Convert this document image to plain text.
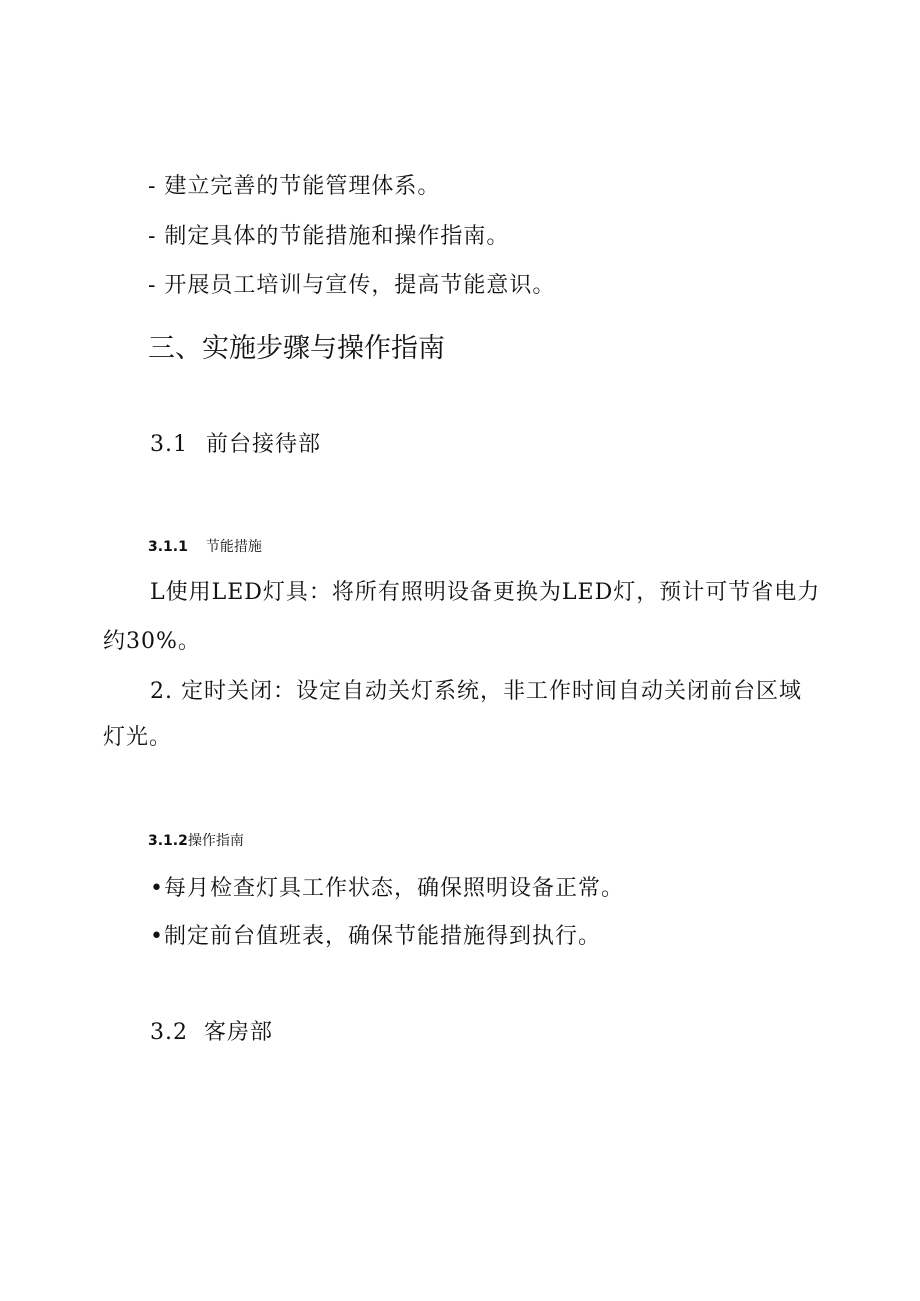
- 建立完善的节能管理体系。
- 制定具体的节能措施和操作指南。
- 开展员工培训与宣传，提高节能意识。
三、实施步骤与操作指南
3.1 前台接待部
3.1.1 节能措施
L使用LED灯具：将所有照明设备更换为LED灯，预计可节省电力
约30%。
2. 定时关闭：设定自动关灯系统，非工作时间自动关闭前台区域
灯光。
3.1.2操作指南
•每月检查灯具工作状态，确保照明设备正常。
•制定前台值班表，确保节能措施得到执行。
3.2 客房部
